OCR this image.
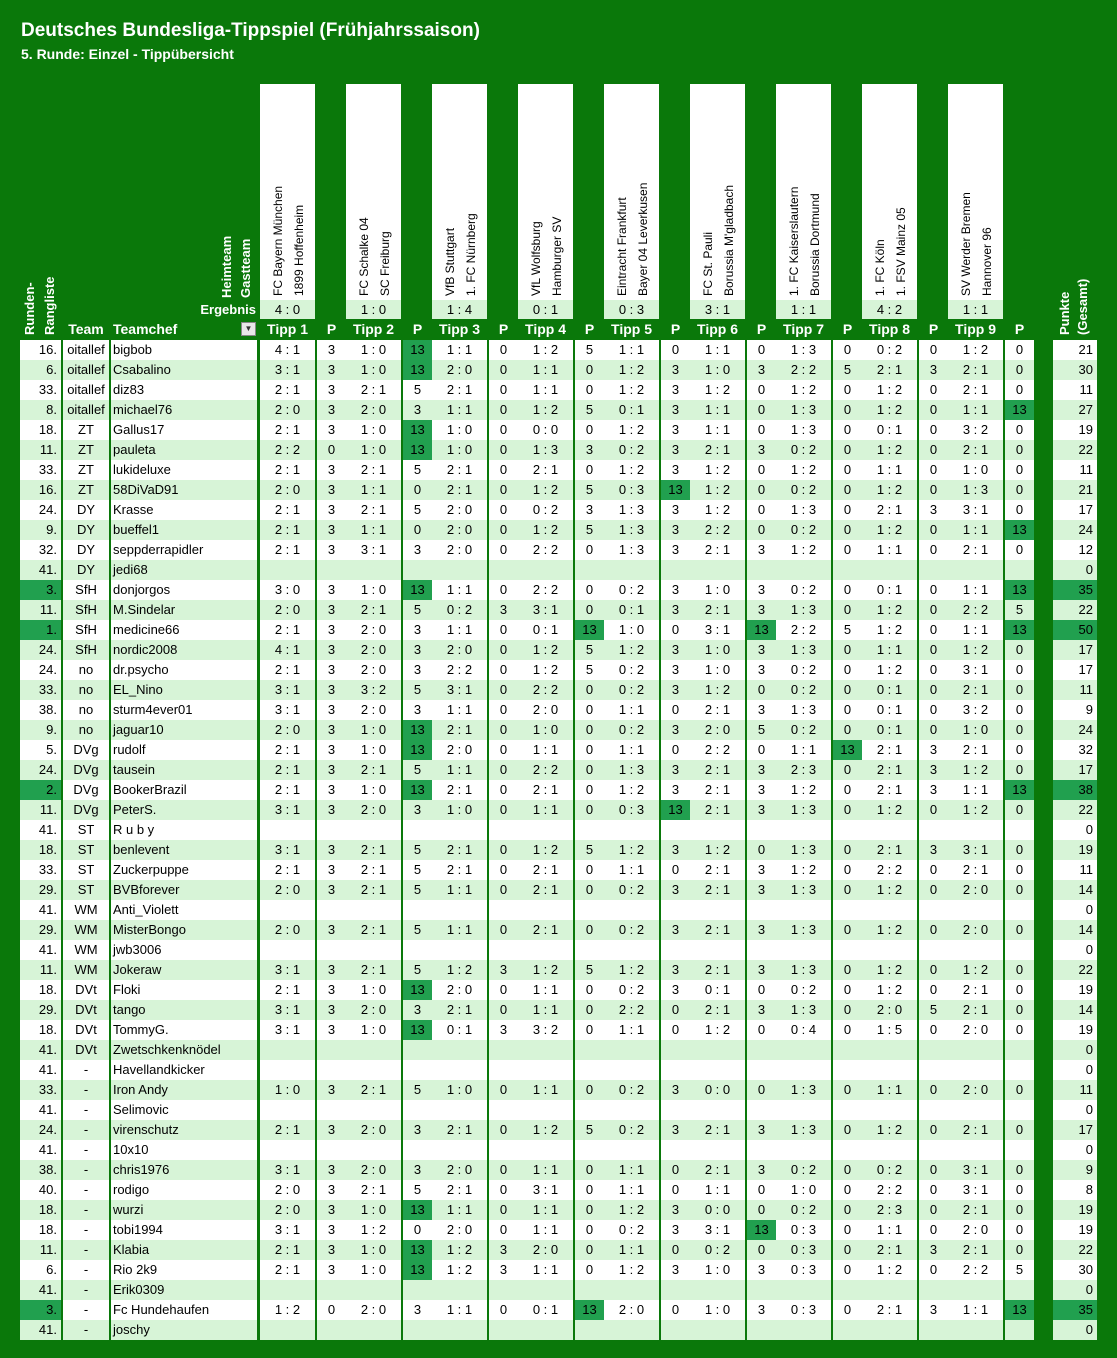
Deutsches Bundesliga-Tippspiel (Frühjahrssaison)
5. Runde: Einzel - Tippübersicht
FC Bayern München 1899 Hoffenheim
4 : 0
FC Schalke 04 SC Freiburg
1 : 0
VfB Stuttgart 1. FC Nürnberg
1 : 4
VfL Wolfsburg Hamburger SV
0 : 1
Eintracht Frankfurt Bayer 04 Leverkusen
0 : 3
FC St. Pauli Borussia M'gladbach
3 : 1
1. FC Kaiserslautern Borussia Dortmund
1 : 1
1. FC Köln 1. FSV Mainz 05
4 : 2
SV Werder Bremen Hannover 96
1 : 1
Ergebnis
Runden- Rangliste
Heimteam Gastteam
Punkte (Gesamt)
Team Teamchef	▼	Tipp 1	P	Tipp 2	P	Tipp 3	P	Tipp 4	P	Tipp 5	P	Tipp 6	P	Tipp 7	P	Tipp 8	P	Tipp 9	P
16. oitallef bigbob	4 : 1	3	1 : 0	13	1 : 1	0	1 : 2	5	1 : 1	0	1 : 1	0	1 : 3	0	0 : 2	0	1 : 2	0	21
6. oitallef Csabalino	3 : 1	3	1 : 0	13	2 : 0	0	1 : 1	0	1 : 2	3	1 : 0	3	2 : 2	5	2 : 1	3	2 : 1	0	30
33. oitallef diz83	2 : 1	3	2 : 1	5	2 : 1	0	1 : 1	0	1 : 2	3	1 : 2	0	1 : 2	0	1 : 2	0	2 : 1	0	11
8. oitallef michael76	2 : 0	3	2 : 0	3	1 : 1	0	1 : 2	5	0 : 1	3	1 : 1	0	1 : 3	0	1 : 2	0	1 : 1	13	27
18.	ZT	Gallus17	2 : 1	3	1 : 0	13	1 : 0	0	0 : 0	0	1 : 2	3	1 : 1	0	1 : 3	0	0 : 1	0	3 : 2	0	19
11.	ZT	pauleta	2 : 2	0	1 : 0	13	1 : 0	0	1 : 3	3	0 : 2	3	2 : 1	3	0 : 2	0	1 : 2	0	2 : 1	0	22
33.	ZT	lukideluxe	2 : 1	3	2 : 1	5	2 : 1	0	2 : 1	0	1 : 2	3	1 : 2	0	1 : 2	0	1 : 1	0	1 : 0	0	11
16.	ZT	58DiVaD91	2 : 0	3	1 : 1	0	2 : 1	0	1 : 2	5	0 : 3	13	1 : 2	0	0 : 2	0	1 : 2	0	1 : 3	0	21
24.	DY	Krasse	2 : 1	3	2 : 1	5	2 : 0	0	0 : 2	3	1 : 3	3	1 : 2	0	1 : 3	0	2 : 1	3	3 : 1	0	17
9.	DY	bueffel1	2 : 1	3	1 : 1	0	2 : 0	0	1 : 2	5	1 : 3	3	2 : 2	0	0 : 2	0	1 : 2	0	1 : 1	13	24
32.	DY	seppderrapidler	2 : 1	3	3 : 1	3	2 : 0	0	2 : 2	0	1 : 3	3	2 : 1	3	1 : 2	0	1 : 1	0	2 : 1	0	12
41.	DY	jedi68	0
3.	SfH	donjorgos	3 : 0	3	1 : 0	13	1 : 1	0	2 : 2	0	0 : 2	3	1 : 0	3	0 : 2	0	0 : 1	0	1 : 1	13	35
11.	SfH	M.Sindelar	2 : 0	3	2 : 1	5	0 : 2	3	3 : 1	0	0 : 1	3	2 : 1	3	1 : 3	0	1 : 2	0	2 : 2	5	22
1.	SfH	medicine66	2 : 1	3	2 : 0	3	1 : 1	0	0 : 1	13	1 : 0	0	3 : 1	13	2 : 2	5	1 : 2	0	1 : 1	13	50
24.	SfH	nordic2008	4 : 1	3	2 : 0	3	2 : 0	0	1 : 2	5	1 : 2	3	1 : 0	3	1 : 3	0	1 : 1	0	1 : 2	0	17
24.	no	dr.psycho	2 : 1	3	2 : 0	3	2 : 2	0	1 : 2	5	0 : 2	3	1 : 0	3	0 : 2	0	1 : 2	0	3 : 1	0	17
33.	no	EL_Nino	3 : 1	3	3 : 2	5	3 : 1	0	2 : 2	0	0 : 2	3	1 : 2	0	0 : 2	0	0 : 1	0	2 : 1	0	11
38.	no	sturm4ever01	3 : 1	3	2 : 0	3	1 : 1	0	2 : 0	0	1 : 1	0	2 : 1	3	1 : 3	0	0 : 1	0	3 : 2	0	9
9.	no	jaguar10	2 : 0	3	1 : 0	13	2 : 1	0	1 : 0	0	0 : 2	3	2 : 0	5	0 : 2	0	0 : 1	0	1 : 0	0	24
5.	DVg	rudolf	2 : 1	3	1 : 0	13	2 : 0	0	1 : 1	0	1 : 1	0	2 : 2	0	1 : 1	13	2 : 1	3	2 : 1	0	32
24.	DVg	tausein	2 : 1	3	2 : 1	5	1 : 1	0	2 : 2	0	1 : 3	3	2 : 1	3	2 : 3	0	2 : 1	3	1 : 2	0	17
2.	DVg	BookerBrazil	2 : 1	3	1 : 0	13	2 : 1	0	2 : 1	0	1 : 2	3	2 : 1	3	1 : 2	0	2 : 1	3	1 : 1	13	38
11.	DVg	PeterS.	3 : 1	3	2 : 0	3	1 : 0	0	1 : 1	0	0 : 3	13	2 : 1	3	1 : 3	0	1 : 2	0	1 : 2	0	22
41.	ST	R u b y	0
18.	ST	benlevent	3 : 1	3	2 : 1	5	2 : 1	0	1 : 2	5	1 : 2	3	1 : 2	0	1 : 3	0	2 : 1	3	3 : 1	0	19
33.	ST	Zuckerpuppe	2 : 1	3	2 : 1	5	2 : 1	0	2 : 1	0	1 : 1	0	2 : 1	3	1 : 2	0	2 : 2	0	2 : 1	0	11
29.	ST	BVBforever	2 : 0	3	2 : 1	5	1 : 1	0	2 : 1	0	0 : 2	3	2 : 1	3	1 : 3	0	1 : 2	0	2 : 0	0	14
41.	WM	Anti_Violett	0
29.	WM	MisterBongo	2 : 0	3	2 : 1	5	1 : 1	0	2 : 1	0	0 : 2	3	2 : 1	3	1 : 3	0	1 : 2	0	2 : 0	0	14
41.	WM	jwb3006	0
11.	WM	Jokeraw	3 : 1	3	2 : 1	5	1 : 2	3	1 : 2	5	1 : 2	3	2 : 1	3	1 : 3	0	1 : 2	0	1 : 2	0	22
18.	DVt	Floki	2 : 1	3	1 : 0	13	2 : 0	0	1 : 1	0	0 : 2	3	0 : 1	0	0 : 2	0	1 : 2	0	2 : 1	0	19
29.	DVt	tango	3 : 1	3	2 : 0	3	2 : 1	0	1 : 1	0	2 : 2	0	2 : 1	3	1 : 3	0	2 : 0	5	2 : 1	0	14
18.	DVt	TommyG.	3 : 1	3	1 : 0	13	0 : 1	3	3 : 2	0	1 : 1	0	1 : 2	0	0 : 4	0	1 : 5	0	2 : 0	0	19
41.	DVt	Zwetschkenknödel	0
41.	-	Havellandkicker	0
33.	-	Iron Andy	1 : 0	3	2 : 1	5	1 : 0	0	1 : 1	0	0 : 2	3	0 : 0	0	1 : 3	0	1 : 1	0	2 : 0	0	11
41.	-	Selimovic	0
24.	-	virenschutz	2 : 1	3	2 : 0	3	2 : 1	0	1 : 2	5	0 : 2	3	2 : 1	3	1 : 3	0	1 : 2	0	2 : 1	0	17
41.	-	10x10	0
38.	-	chris1976	3 : 1	3	2 : 0	3	2 : 0	0	1 : 1	0	1 : 1	0	2 : 1	3	0 : 2	0	0 : 2	0	3 : 1	0	9
40.	-	rodigo	2 : 0	3	2 : 1	5	2 : 1	0	3 : 1	0	1 : 1	0	1 : 1	0	1 : 0	0	2 : 2	0	3 : 1	0	8
18.	-	wurzi	2 : 0	3	1 : 0	13	1 : 1	0	1 : 1	0	1 : 2	3	0 : 0	0	0 : 2	0	2 : 3	0	2 : 1	0	19
18.	-	tobi1994	3 : 1	3	1 : 2	0	2 : 0	0	1 : 1	0	0 : 2	3	3 : 1	13	0 : 3	0	1 : 1	0	2 : 0	0	19
11.	-	Klabia	2 : 1	3	1 : 0	13	1 : 2	3	2 : 0	0	1 : 1	0	0 : 2	0	0 : 3	0	2 : 1	3	2 : 1	0	22
6.	-	Rio 2k9	2 : 1	3	1 : 0	13	1 : 2	3	1 : 1	0	1 : 2	3	1 : 0	3	0 : 3	0	1 : 2	0	2 : 2	5	30
41.	-	Erik0309	0
3.	-	Fc Hundehaufen	1 : 2	0	2 : 0	3	1 : 1	0	0 : 1	13	2 : 0	0	1 : 0	3	0 : 3	0	2 : 1	3	1 : 1	13	35
41.	-	joschy	0
